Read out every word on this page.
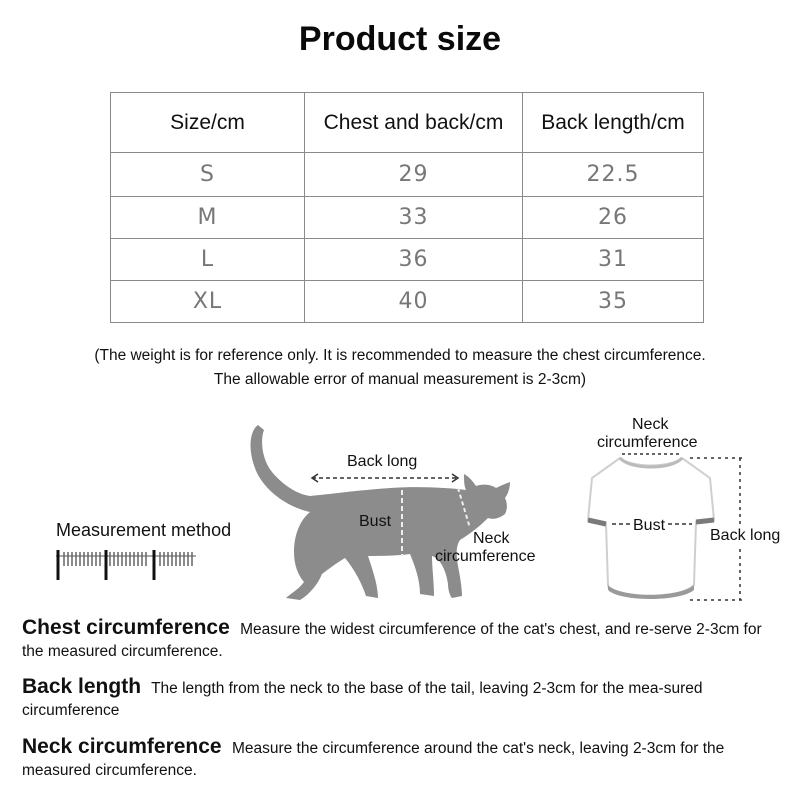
Product size
Size/cm	Chest and back/cm	Back length/cm
S	29	22.5
M	33	26
L	36	31
XL	40	35
(The weight is for reference only. It is recommended to measure the chest circumference.
The allowable error of manual measurement is 2-3cm)
Measurement method
Back long
Bust
Neck
circumference
Neck
circumference
Bust
Back long
Chest circumference Measure the widest circumference of the cat's chest, and re-serve 2-3cm for the measured circumference.
Back length The length from the neck to the base of the tail, leaving 2-3cm for the mea-sured circumference
Neck circumference Measure the circumference around the cat's neck, leaving 2-3cm for the measured circumference.
